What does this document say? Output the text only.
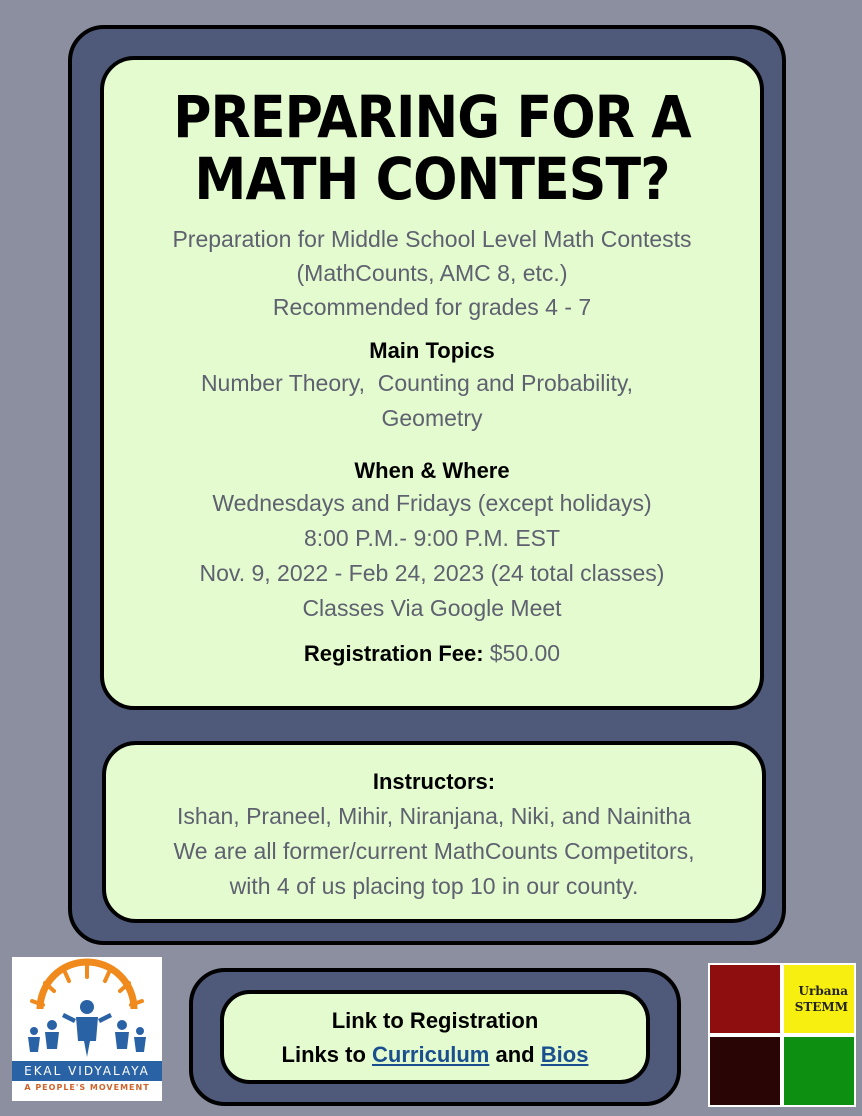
PREPARING FOR A
MATH CONTEST?
Preparation for Middle School Level Math Contests
(MathCounts, AMC 8, etc.)
Recommended for grades 4 - 7
Main Topics
Number Theory,  Counting and Probability,
Geometry
When & Where
Wednesdays and Fridays (except holidays)
8:00 P.M.- 9:00 P.M. EST
Nov. 9, 2022 - Feb 24, 2023 (24 total classes)
Classes Via Google Meet
Registration Fee: $50.00
Instructors:
Ishan, Praneel, Mihir, Niranjana, Niki, and Nainitha
We are all former/current MathCounts Competitors,
with 4 of us placing top 10 in our county.
Link to Registration
Links to Curriculum and Bios
EKAL VIDYALAYA
A PEOPLE'S MOVEMENT
Urbana
STEMM
